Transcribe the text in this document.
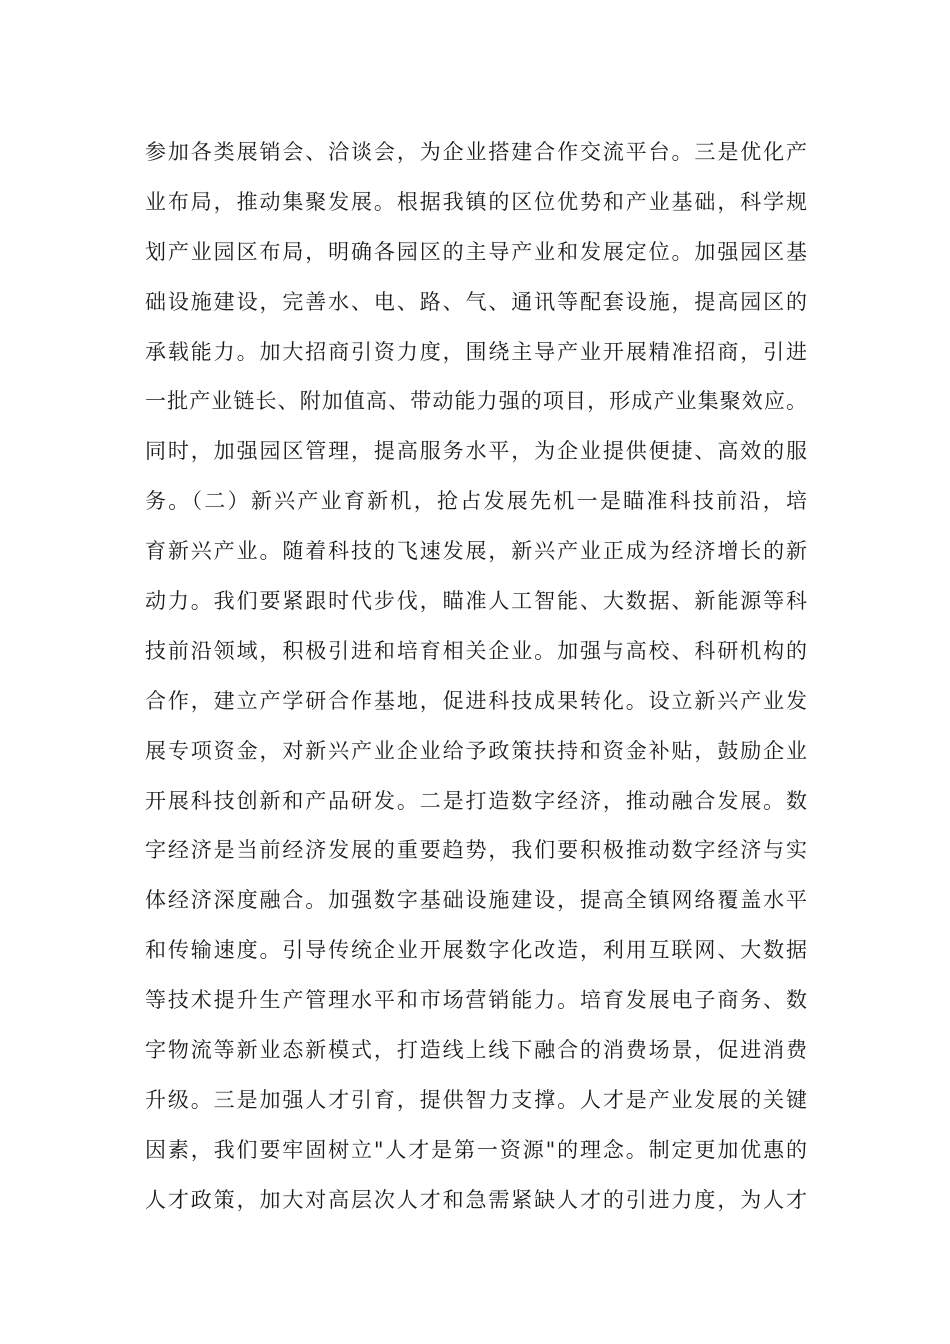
参加各类展销会、洽谈会，为企业搭建合作交流平台。三是优化产
业布局，推动集聚发展。根据我镇的区位优势和产业基础，科学规
划产业园区布局，明确各园区的主导产业和发展定位。加强园区基
础设施建设，完善水、电、路、气、通讯等配套设施，提高园区的
承载能力。加大招商引资力度，围绕主导产业开展精准招商，引进
一批产业链长、附加值高、带动能力强的项目，形成产业集聚效应。
同时，加强园区管理，提高服务水平，为企业提供便捷、高效的服
务。（二）新兴产业育新机，抢占发展先机一是瞄准科技前沿，培
育新兴产业。随着科技的飞速发展，新兴产业正成为经济增长的新
动力。我们要紧跟时代步伐，瞄准人工智能、大数据、新能源等科
技前沿领域，积极引进和培育相关企业。加强与高校、科研机构的
合作，建立产学研合作基地，促进科技成果转化。设立新兴产业发
展专项资金，对新兴产业企业给予政策扶持和资金补贴，鼓励企业
开展科技创新和产品研发。二是打造数字经济，推动融合发展。数
字经济是当前经济发展的重要趋势，我们要积极推动数字经济与实
体经济深度融合。加强数字基础设施建设，提高全镇网络覆盖水平
和传输速度。引导传统企业开展数字化改造，利用互联网、大数据
等技术提升生产管理水平和市场营销能力。培育发展电子商务、数
字物流等新业态新模式，打造线上线下融合的消费场景，促进消费
升级。三是加强人才引育，提供智力支撑。人才是产业发展的关键
因素，我们要牢固树立"人才是第一资源"的理念。制定更加优惠的
人才政策，加大对高层次人才和急需紧缺人才的引进力度，为人才
